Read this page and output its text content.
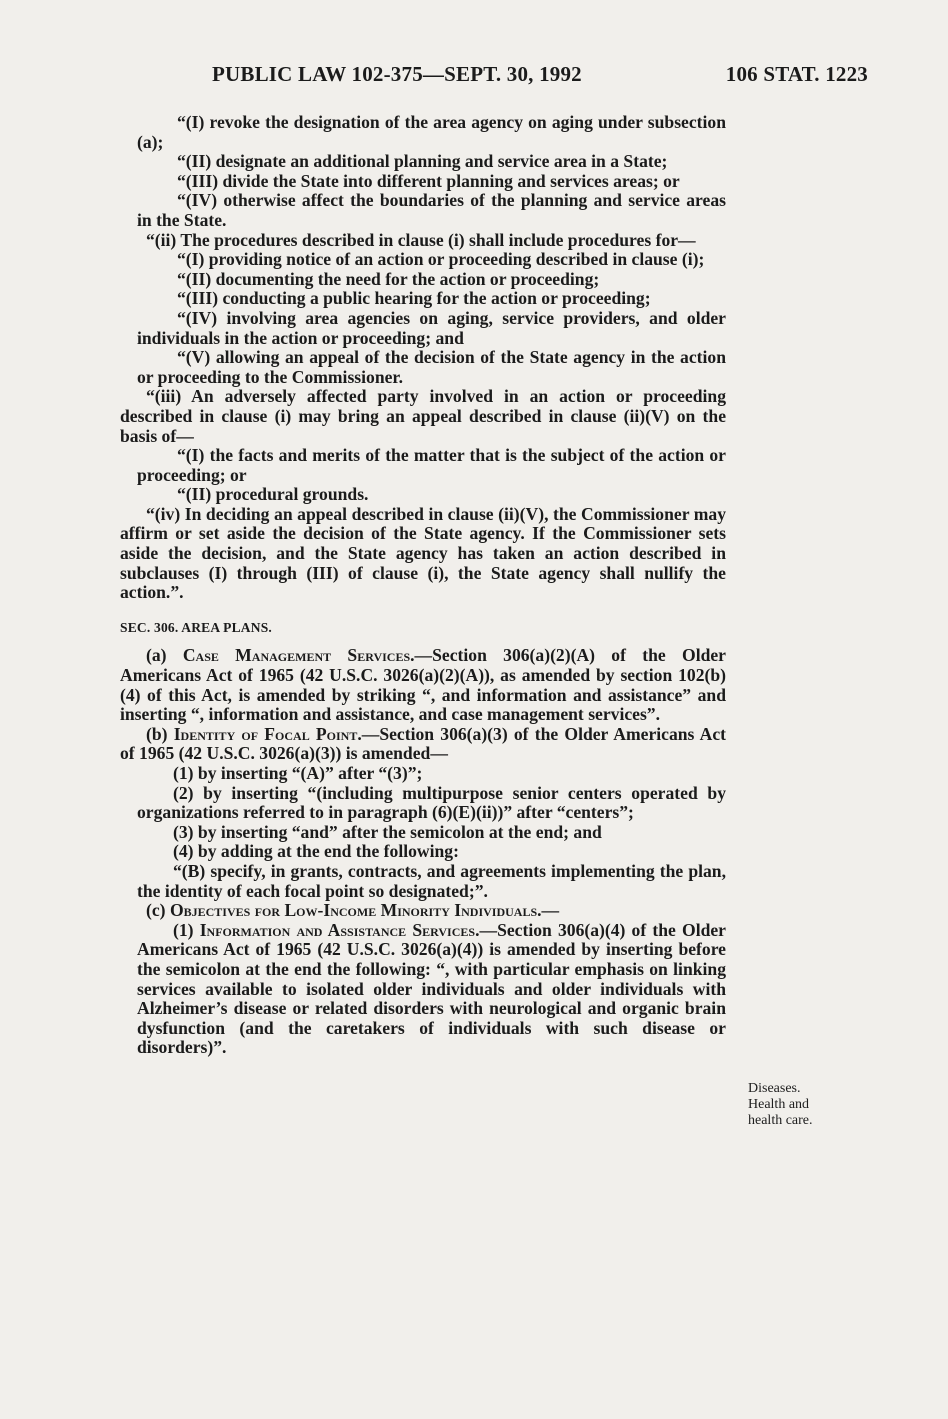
PUBLIC LAW 102-375—SEPT. 30, 1992	106 STAT. 1223

“(I) revoke the designation of the area agency on aging under subsection (a);

“(II) designate an additional planning and service area in a State;

“(III) divide the State into different planning and services areas; or

“(IV) otherwise affect the boundaries of the planning and service areas in the State.

“(ii) The procedures described in clause (i) shall include procedures for—

“(I) providing notice of an action or proceeding described in clause (i);

“(II) documenting the need for the action or proceeding;

“(III) conducting a public hearing for the action or proceeding;

“(IV) involving area agencies on aging, service providers, and older individuals in the action or proceeding; and

“(V) allowing an appeal of the decision of the State agency in the action or proceeding to the Commissioner.

“(iii) An adversely affected party involved in an action or proceeding described in clause (i) may bring an appeal described in clause (ii)(V) on the basis of—

“(I) the facts and merits of the matter that is the subject of the action or proceeding; or

“(II) procedural grounds.

“(iv) In deciding an appeal described in clause (ii)(V), the Commissioner may affirm or set aside the decision of the State agency. If the Commissioner sets aside the decision, and the State agency has taken an action described in subclauses (I) through (III) of clause (i), the State agency shall nullify the action.”.

SEC. 306. AREA PLANS.

(a) Case Management Services.—Section 306(a)(2)(A) of the Older Americans Act of 1965 (42 U.S.C. 3026(a)(2)(A)), as amended by section 102(b)(4) of this Act, is amended by striking “, and information and assistance” and inserting “, information and assistance, and case management services”.

(b) Identity of Focal Point.—Section 306(a)(3) of the Older Americans Act of 1965 (42 U.S.C. 3026(a)(3)) is amended—

(1) by inserting “(A)” after “(3)”;

(2) by inserting “(including multipurpose senior centers operated by organizations referred to in paragraph (6)(E)(ii))” after “centers”;

(3) by inserting “and” after the semicolon at the end; and

(4) by adding at the end the following:

“(B) specify, in grants, contracts, and agreements implementing the plan, the identity of each focal point so designated;”.

(c) Objectives for Low-Income Minority Individuals.—

(1) Information and Assistance Services.—Section 306(a)(4) of the Older Americans Act of 1965 (42 U.S.C. 3026(a)(4)) is amended by inserting before the semicolon at the end the following: “, with particular emphasis on linking services available to isolated older individuals and older individuals with Alzheimer’s disease or related disorders with neurological and organic brain dysfunction (and the caretakers of individuals with such disease or disorders)”.

Diseases.
Health and
health care.
